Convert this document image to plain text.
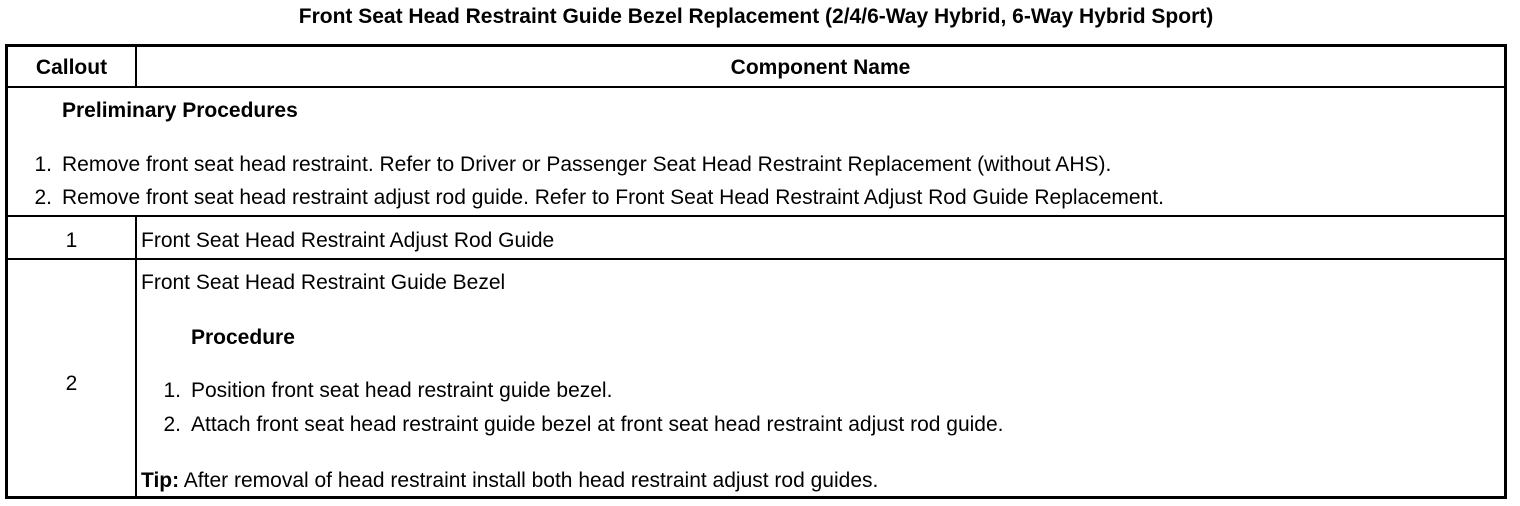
Front Seat Head Restraint Guide Bezel Replacement (2/4/6-Way Hybrid, 6-Way Hybrid Sport)
Callout	Component Name
Preliminary Procedures
1. Remove front seat head restraint. Refer to Driver or Passenger Seat Head Restraint Replacement (without AHS).
2. Remove front seat head restraint adjust rod guide. Refer to Front Seat Head Restraint Adjust Rod Guide Replacement.
1	Front Seat Head Restraint Adjust Rod Guide
2
Front Seat Head Restraint Guide Bezel
Procedure
1. Position front seat head restraint guide bezel.
2. Attach front seat head restraint guide bezel at front seat head restraint adjust rod guide.
Tip: After removal of head restraint install both head restraint adjust rod guides.
